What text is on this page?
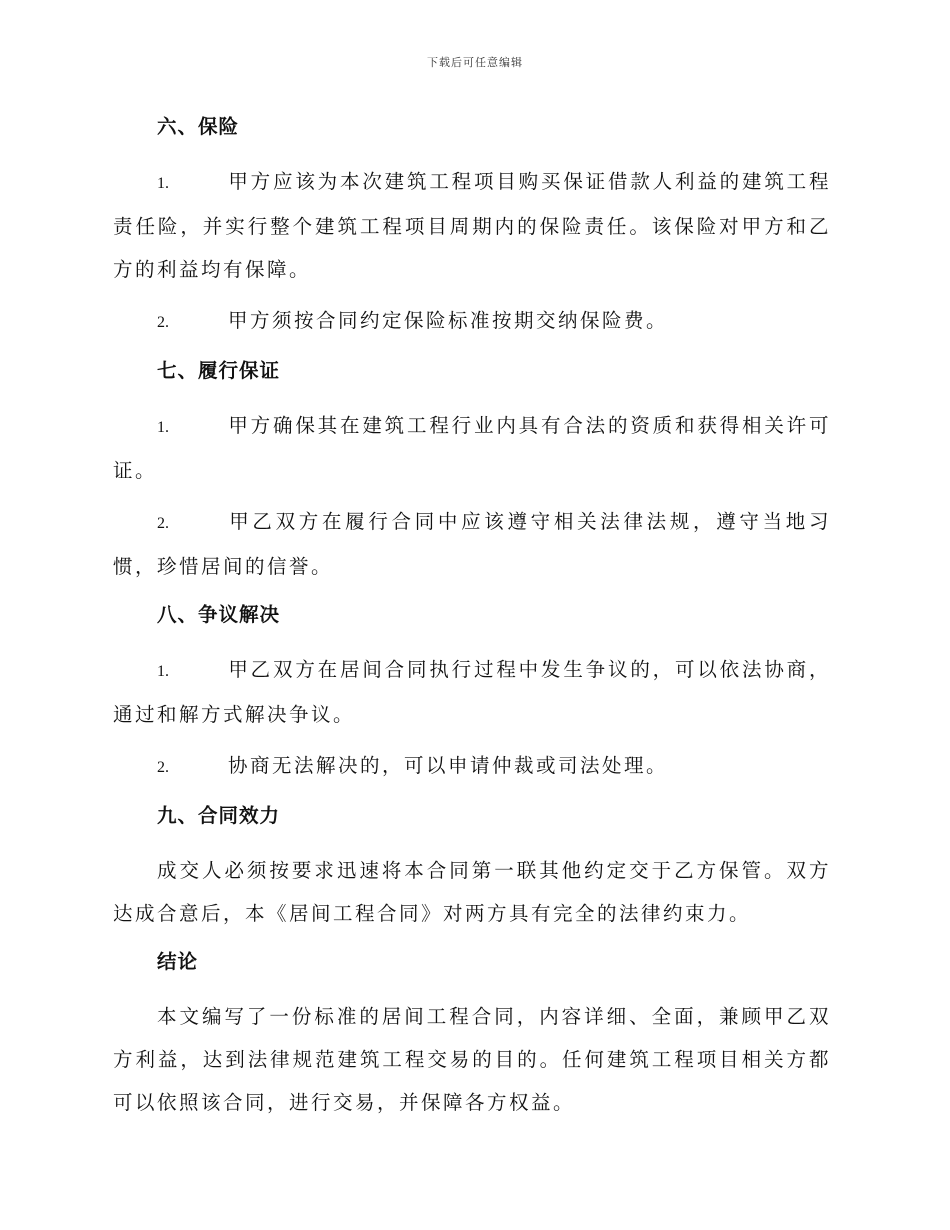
下载后可任意编辑
六、保险
1.	甲方应该为本次建筑工程项目购买保证借款人利益的建筑工程责任险，并实行整个建筑工程项目周期内的保险责任。该保险对甲方和乙方的利益均有保障。
2.	甲方须按合同约定保险标准按期交纳保险费。
七、履行保证
1.	甲方确保其在建筑工程行业内具有合法的资质和获得相关许可证。
2.	甲乙双方在履行合同中应该遵守相关法律法规，遵守当地习惯，珍惜居间的信誉。
八、争议解决
1.	甲乙双方在居间合同执行过程中发生争议的，可以依法协商，通过和解方式解决争议。
2.	协商无法解决的，可以申请仲裁或司法处理。
九、合同效力
成交人必须按要求迅速将本合同第一联其他约定交于乙方保管。双方达成合意后，本《居间工程合同》对两方具有完全的法律约束力。
结论
本文编写了一份标准的居间工程合同，内容详细、全面，兼顾甲乙双方利益，达到法律规范建筑工程交易的目的。任何建筑工程项目相关方都可以依照该合同，进行交易，并保障各方权益。
